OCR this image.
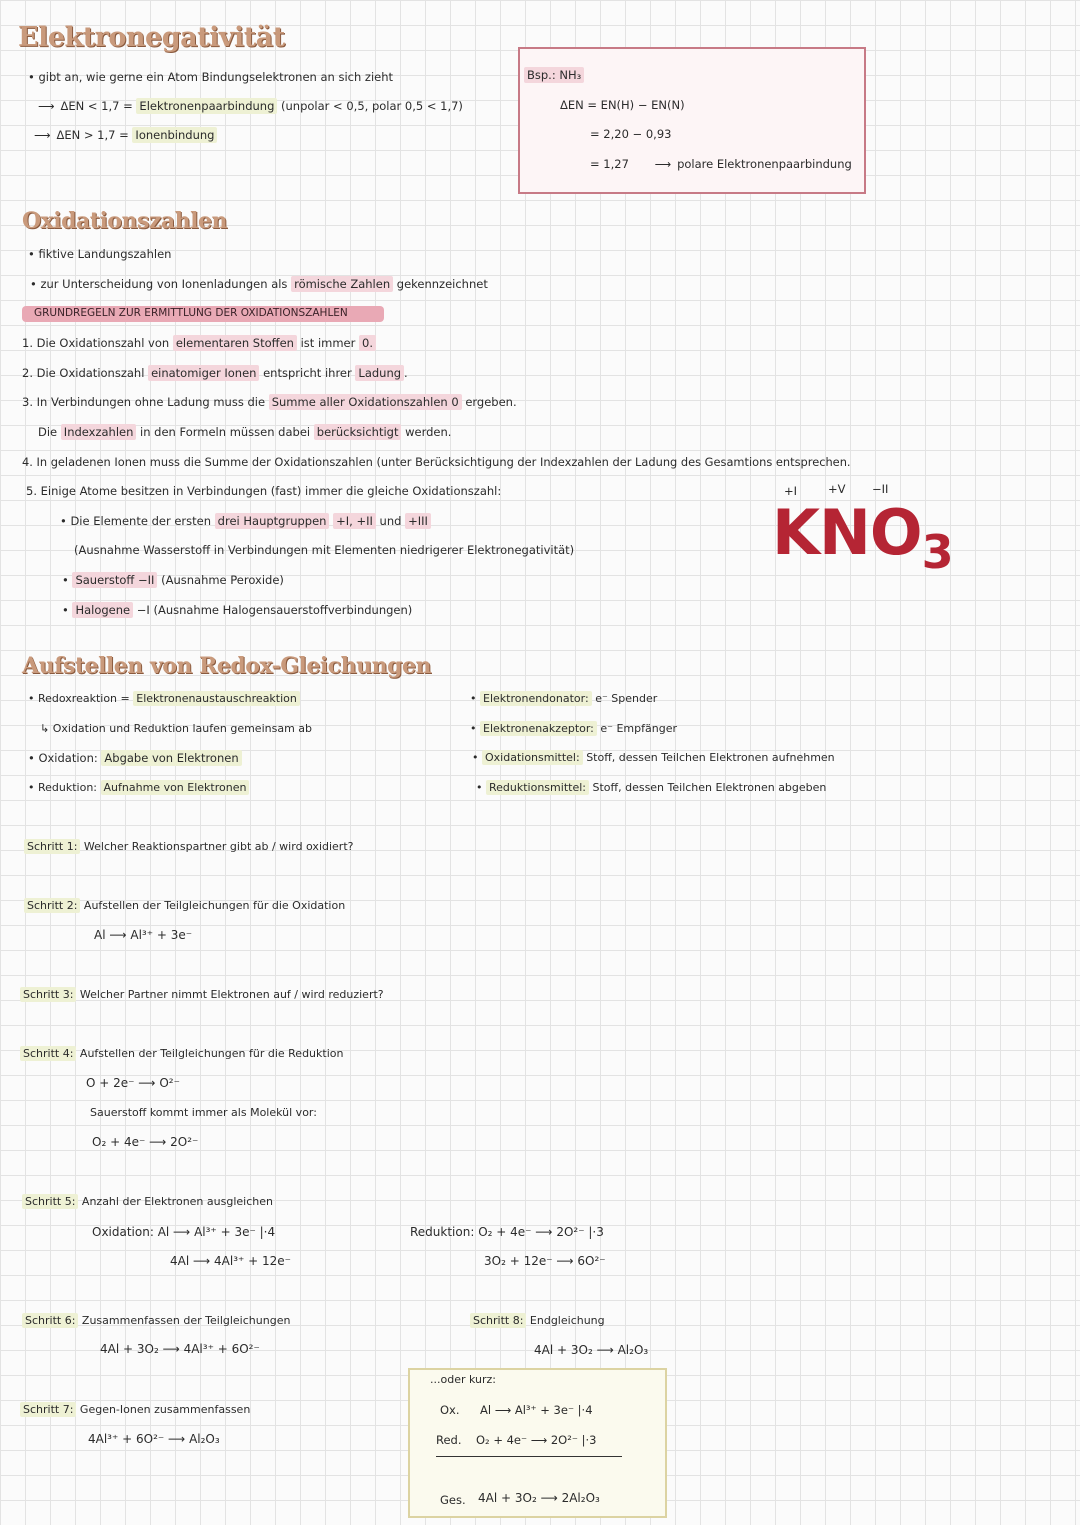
Elektronegativität
• gibt an, wie gerne ein Atom Bindungselektronen an sich zieht
⟶ ΔEN < 1,7 = Elektronenpaarbindung (unpolar < 0,5, polar 0,5 < 1,7)
⟶ ΔEN > 1,7 = Ionenbindung
Bsp.: NH₃
ΔEN = EN(H) − EN(N)
= 2,20 − 0,93
= 1,27 ⟶ polare Elektronenpaarbindung
Oxidationszahlen
• fiktive Landungszahlen
• zur Unterscheidung von Ionenladungen als römische Zahlen gekennzeichnet
GRUNDREGELN ZUR ERMITTLUNG DER OXIDATIONSZAHLEN
1. Die Oxidationszahl von elementaren Stoffen ist immer 0.
2. Die Oxidationszahl einatomiger Ionen entspricht ihrer Ladung .
3. In Verbindungen ohne Ladung muss die Summe aller Oxidationszahlen 0 ergeben.
Die Indexzahlen in den Formeln müssen dabei berücksichtigt werden.
4. In geladenen Ionen muss die Summe der Oxidationszahlen (unter Berücksichtigung der Indexzahlen der Ladung des Gesamtions entsprechen.
5. Einige Atome besitzen in Verbindungen (fast) immer die gleiche Oxidationszahl:
• Die Elemente der ersten drei Hauptgruppen +I, +II und +III
(Ausnahme Wasserstoff in Verbindungen mit Elementen niedrigerer Elektronegativität)
• Sauerstoff −II (Ausnahme Peroxide)
• Halogene −I (Ausnahme Halogensauerstoffverbindungen)
+I	+V −II
$KNO_3$
Aufstellen von Redox-Gleichungen
• Redoxreaktion = Elektronenaustauschreaktion
↳ Oxidation und Reduktion laufen gemeinsam ab
• Oxidation: Abgabe von Elektronen
• Reduktion: Aufnahme von Elektronen
• Elektronendonator: e⁻ Spender
• Elektronenakzeptor: e⁻ Empfänger
• Oxidationsmittel: Stoff, dessen Teilchen Elektronen aufnehmen
• Reduktionsmittel: Stoff, dessen Teilchen Elektronen abgeben
Schritt 1: Welcher Reaktionspartner gibt ab / wird oxidiert?
Schritt 2: Aufstellen der Teilgleichungen für die Oxidation
Al ⟶ Al³⁺ + 3e⁻
Schritt 3: Welcher Partner nimmt Elektronen auf / wird reduziert?
Schritt 4: Aufstellen der Teilgleichungen für die Reduktion
O + 2e⁻ ⟶ O²⁻
Sauerstoff kommt immer als Molekül vor:
O₂ + 4e⁻ ⟶ 2O²⁻
Schritt 5: Anzahl der Elektronen ausgleichen
Oxidation: Al ⟶ Al³⁺ + 3e⁻ |·4
4Al ⟶ 4Al³⁺ + 12e⁻
Reduktion: O₂ + 4e⁻ ⟶ 2O²⁻ |·3
3O₂ + 12e⁻ ⟶ 6O²⁻
Schritt 6: Zusammenfassen der Teilgleichungen
4Al + 3O₂ ⟶ 4Al³⁺ + 6O²⁻
Schritt 7: Gegen-Ionen zusammenfassen
4Al³⁺ + 6O²⁻ ⟶ Al₂O₃
Schritt 8: Endgleichung
4Al + 3O₂ ⟶ Al₂O₃
...oder kurz:
Ox. Al ⟶ Al³⁺ + 3e⁻ |·4
Red. O₂ + 4e⁻ ⟶ 2O²⁻ |·3
Ges. 4Al + 3O₂ ⟶ 2Al₂O₃
